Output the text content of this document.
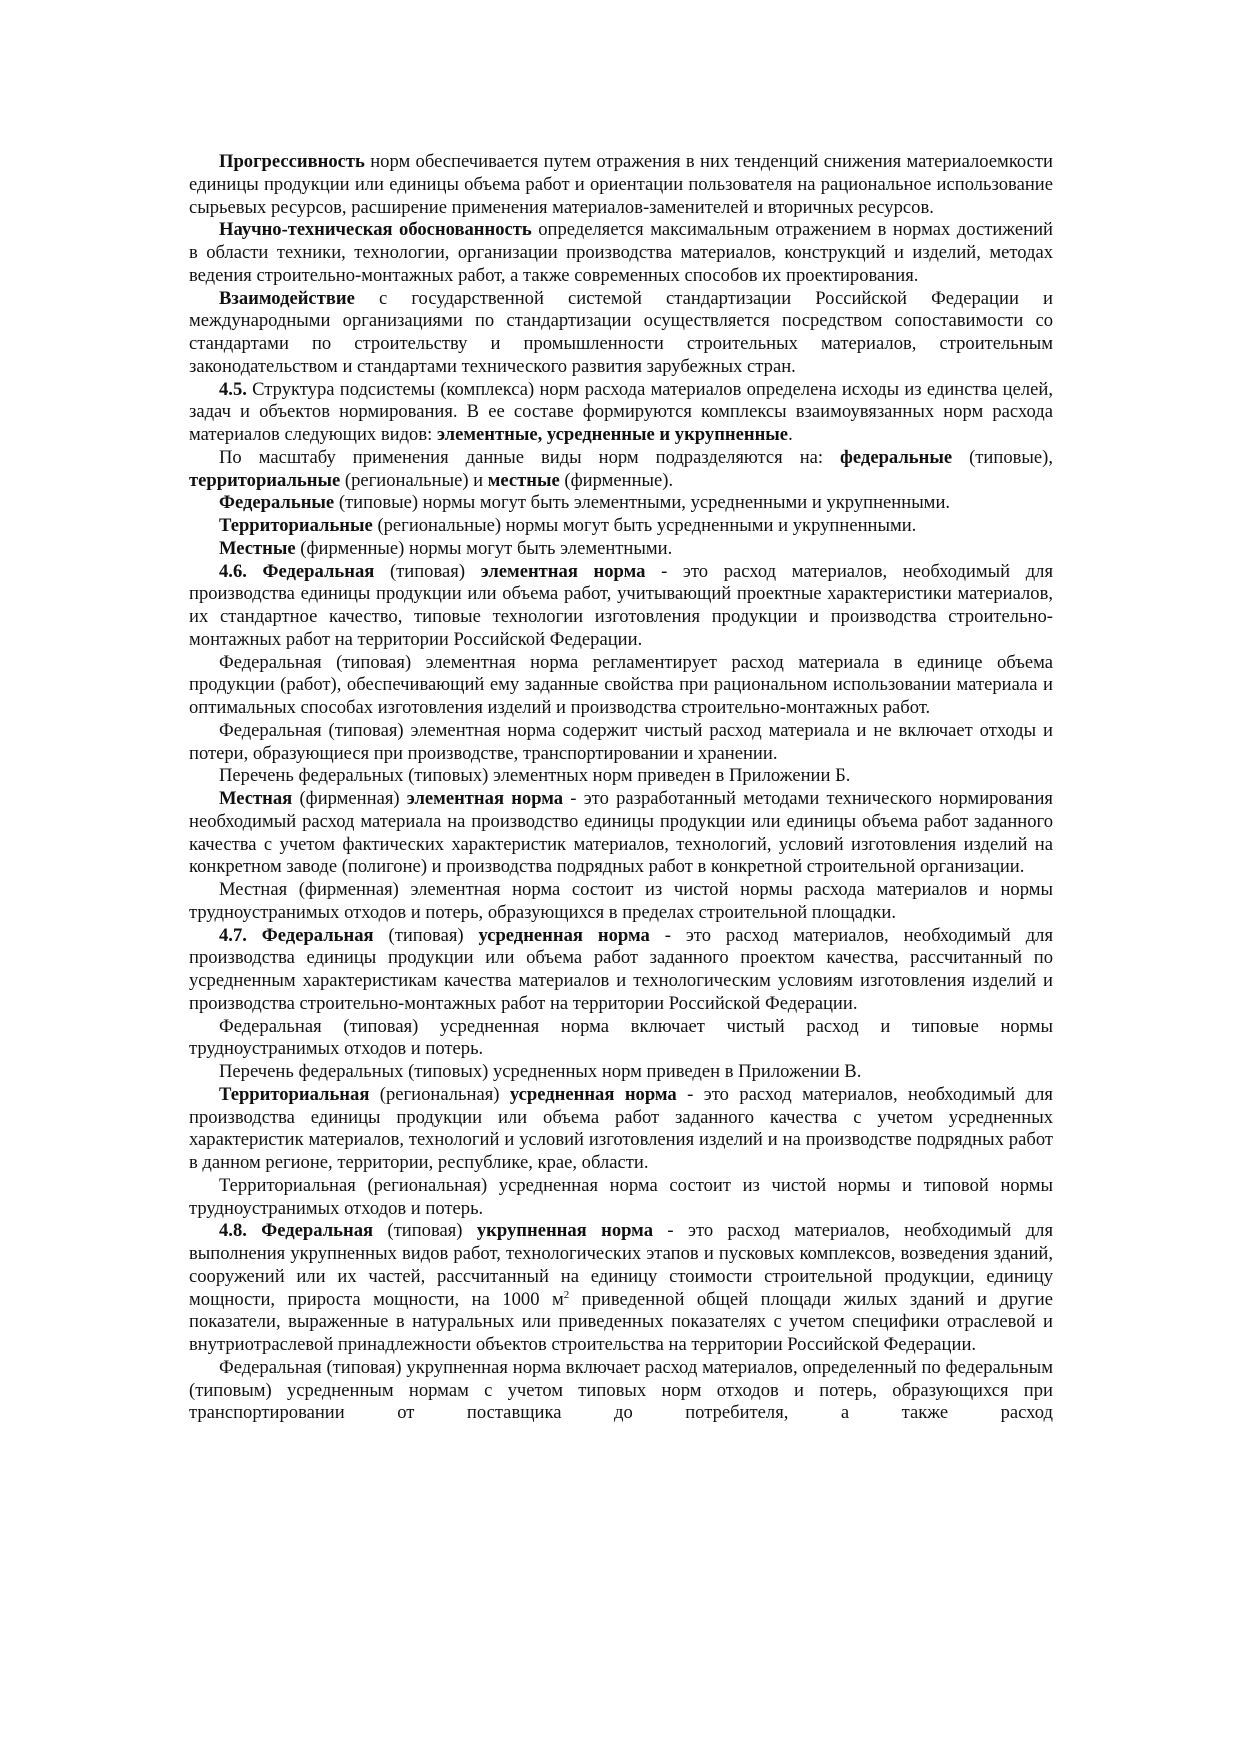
Прогрессивность норм обеспечивается путем отражения в них тенденций снижения материалоемкости единицы продукции или единицы объема работ и ориентации пользователя на рациональное использование сырьевых ресурсов, расширение применения материалов-заменителей и вторичных ресурсов.

Научно-техническая обоснованность определяется максимальным отражением в нормах достижений в области техники, технологии, организации производства материалов, конструкций и изделий, методах ведения строительно-монтажных работ, а также современных способов их проектирования.

Взаимодействие с государственной системой стандартизации Российской Федерации и международными организациями по стандартизации осуществляется посредством сопоставимости со стандартами по строительству и промышленности строительных материалов, строительным законодательством и стандартами технического развития зарубежных стран.

4.5. Структура подсистемы (комплекса) норм расхода материалов определена исходы из единства целей, задач и объектов нормирования. В ее составе формируются комплексы взаимоувязанных норм расхода материалов следующих видов: элементные, усредненные и укрупненные.

По масштабу применения данные виды норм подразделяются на: федеральные (типовые), территориальные (региональные) и местные (фирменные).

Федеральные (типовые) нормы могут быть элементными, усредненными и укрупненными.

Территориальные (региональные) нормы могут быть усредненными и укрупненными.

Местные (фирменные) нормы могут быть элементными.

4.6. Федеральная (типовая) элементная норма - это расход материалов, необходимый для производства единицы продукции или объема работ, учитывающий проектные характеристики материалов, их стандартное качество, типовые технологии изготовления продукции и производства строительно-монтажных работ на территории Российской Федерации.

Федеральная (типовая) элементная норма регламентирует расход материала в единице объема продукции (работ), обеспечивающий ему заданные свойства при рациональном использовании материала и оптимальных способах изготовления изделий и производства строительно-монтажных работ.

Федеральная (типовая) элементная норма содержит чистый расход материала и не включает отходы и потери, образующиеся при производстве, транспортировании и хранении.

Перечень федеральных (типовых) элементных норм приведен в Приложении Б.

Местная (фирменная) элементная норма - это разработанный методами технического нормирования необходимый расход материала на производство единицы продукции или единицы объема работ заданного качества с учетом фактических характеристик материалов, технологий, условий изготовления изделий на конкретном заводе (полигоне) и производства подрядных работ в конкретной строительной организации.

Местная (фирменная) элементная норма состоит из чистой нормы расхода материалов и нормы трудноустранимых отходов и потерь, образующихся в пределах строительной площадки.

4.7. Федеральная (типовая) усредненная норма - это расход материалов, необходимый для производства единицы продукции или объема работ заданного проектом качества, рассчитанный по усредненным характеристикам качества материалов и технологическим условиям изготовления изделий и производства строительно-монтажных работ на территории Российской Федерации.

Федеральная (типовая) усредненная норма включает чистый расход и типовые нормы трудноустранимых отходов и потерь.

Перечень федеральных (типовых) усредненных норм приведен в Приложении В.

Территориальная (региональная) усредненная норма - это расход материалов, необходимый для производства единицы продукции или объема работ заданного качества с учетом усредненных характеристик материалов, технологий и условий изготовления изделий и на производстве подрядных работ в данном регионе, территории, республике, крае, области.

Территориальная (региональная) усредненная норма состоит из чистой нормы и типовой нормы трудноустранимых отходов и потерь.

4.8. Федеральная (типовая) укрупненная норма - это расход материалов, необходимый для выполнения укрупненных видов работ, технологических этапов и пусковых комплексов, возведения зданий, сооружений или их частей, рассчитанный на единицу стоимости строительной продукции, единицу мощности, прироста мощности, на 1000 $м^2$ приведенной общей площади жилых зданий и другие показатели, выраженные в натуральных или приведенных показателях с учетом специфики отраслевой и внутриотраслевой принадлежности объектов строительства на территории Российской Федерации.

Федеральная (типовая) укрупненная норма включает расход материалов, определенный по федеральным (типовым) усредненным нормам с учетом типовых норм отходов и потерь, образующихся при транспортировании от поставщика до потребителя, а также расход
